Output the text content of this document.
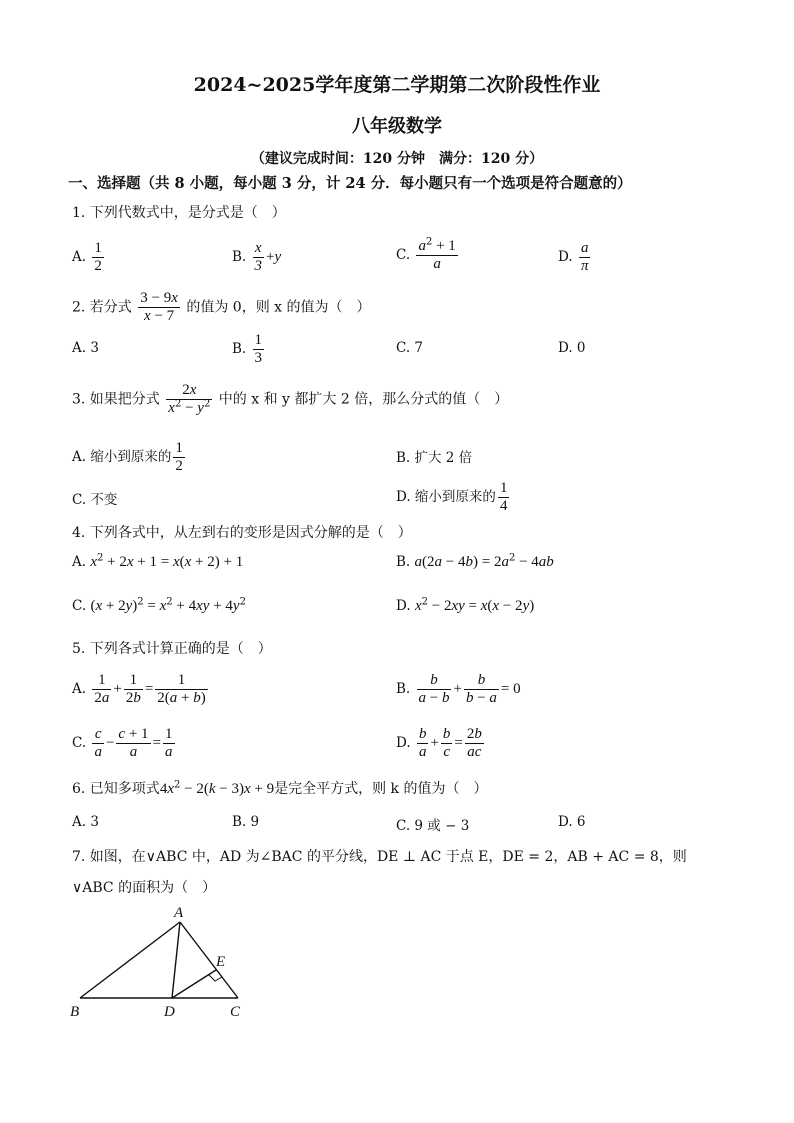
2024~2025学年度第二学期第二次阶段性作业
八年级数学
（建议完成时间：120 分钟　满分：120 分）
一、选择题（共 8 小题，每小题 3 分，计 24 分．每小题只有一个选项是符合题意的）
1. 下列代数式中，是分式是（　）
A. $\frac{1}{2}$	B. $\frac{x}{3} +y$	C. $\frac{a^2 + 1}{a}$	D. $\frac{a}{\pi}$
2. 若分式 $\frac{3 - 9x}{x - 7}$ 的值为 0，则 x 的值为（　）
A. 3	B. $\frac{1}{3}$	C. 7	D. 0
3. 如果把分式 $\frac{2x}{x^2 - y^2}$ 中的 x 和 y 都扩大 2 倍，那么分式的值（　）
A. 缩小到原来的 $\frac{1}{2}$	B. 扩大 2 倍
C. 不变	D. 缩小到原来的 $\frac{1}{4}$
4. 下列各式中，从左到右的变形是因式分解的是（　）
A. $x^2 + 2x + 1 = x(x + 2) + 1$	B. $a(2a - 4b) = 2a^2 - 4ab$
C. $(x + 2y)^2 = x^2 + 4xy + 4y^2$	D. $x^2 - 2xy = x(x - 2y)$
5. 下列各式计算正确的是（　）
A. $\frac{1}{2a} + \frac{1}{2b} = \frac{1}{2(a + b)}$	B. $\frac{b}{a - b} + \frac{b}{b - a} = 0$
C. $\frac{c}{a} - \frac{c + 1}{a} = \frac{1}{a}$	D. $\frac{b}{a} + \frac{b}{c} = \frac{2b}{ac}$
6. 已知多项式$4x^2 - 2(k - 3)x + 9$是完全平方式，则 k 的值为（　）
A. 3	B. 9	C. 9 或 − 3	D. 6
7. 如图，在∨ABC 中，AD 为∠BAC 的平分线，DE ⊥ AC 于点 E，DE = 2，AB + AC = 8，则
∨ABC 的面积为（　）
A
B	D	C
E
